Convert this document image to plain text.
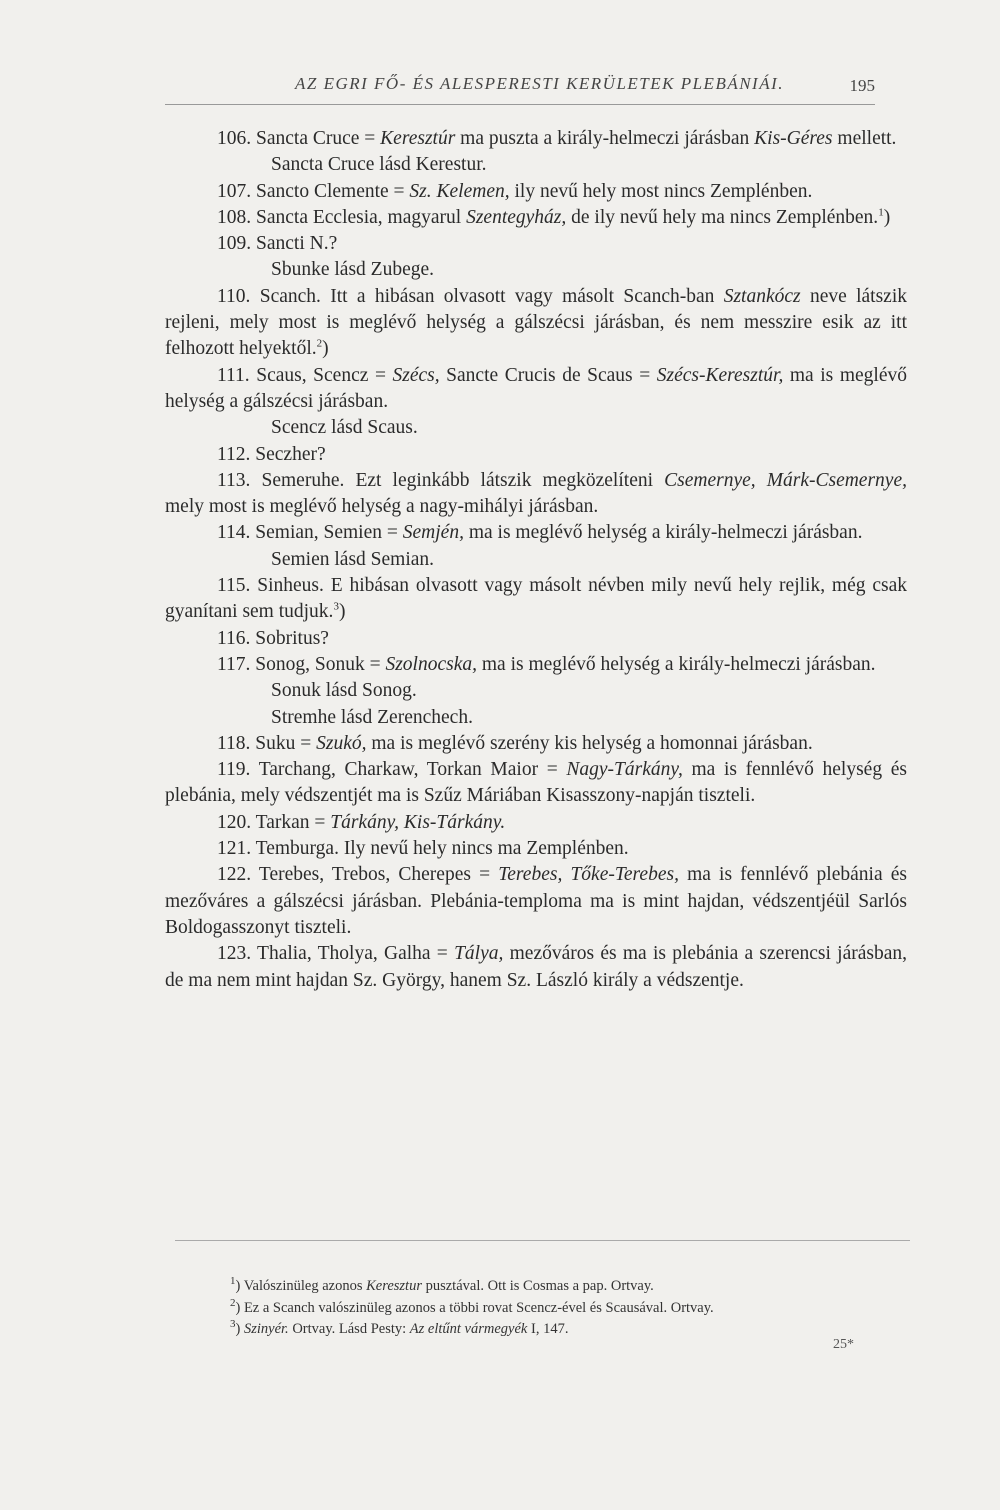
AZ EGRI FŐ- ÉS ALESPERESTI KERÜLETEK PLEBÁNIÁI.	195

106. Sancta Cruce = Keresztúr ma puszta a király-helmeczi járásban Kis-Géres mellett.

Sancta Cruce lásd Kerestur.

107. Sancto Clemente = Sz. Kelemen, ily nevű hely most nincs Zemplénben.

108. Sancta Ecclesia, magyarul Szentegyház, de ily nevű hely ma nincs Zemplénben.$^1$)

109. Sancti N.?

Sbunke lásd Zubege.

110. Scanch. Itt a hibásan olvasott vagy másolt Scanch-ban Sztankócz neve látszik rejleni, mely most is meglévő helység a gálszécsi járásban, és nem messzire esik az itt felhozott helyektől.$^2$)

111. Scaus, Scencz = Szécs, Sancte Crucis de Scaus = Szécs-Keresztúr, ma is meglévő helység a gálszécsi járásban.

Scencz lásd Scaus.

112. Seczher?

113. Semeruhe. Ezt leginkább látszik megközelíteni Csemernye, Márk-Csemernye, mely most is meglévő helység a nagy-mihályi járásban.

114. Semian, Semien = Semjén, ma is meglévő helység a király-helmeczi járásban.

Semien lásd Semian.

115. Sinheus. E hibásan olvasott vagy másolt névben mily nevű hely rejlik, még csak gyanítani sem tudjuk.$^3$)

116. Sobritus?

117. Sonog, Sonuk = Szolnocska, ma is meglévő helység a király-helmeczi járásban.

Sonuk lásd Sonog.

Stremhe lásd Zerenchech.

118. Suku = Szukó, ma is meglévő szerény kis helység a homonnai járásban.

119. Tarchang, Charkaw, Torkan Maior = Nagy-Tárkány, ma is fennlévő helység és plebánia, mely védszentjét ma is Szűz Máriában Kisasszony-napján tiszteli.

120. Tarkan = Tárkány, Kis-Tárkány.

121. Temburga. Ily nevű hely nincs ma Zemplénben.

122. Terebes, Trebos, Cherepes = Terebes, Tőke-Terebes, ma is fennlévő plebánia és mezőváres a gálszécsi járásban. Plebánia-temploma ma is mint hajdan, védszentjéül Sarlós Boldogasszonyt tiszteli.

123. Thalia, Tholya, Galha = Tálya, mezőváros és ma is plebánia a szerencsi járásban, de ma nem mint hajdan Sz. György, hanem Sz. László király a védszentje.

$^1$) Valószinüleg azonos Keresztur pusztával. Ott is Cosmas a pap. Ortvay.

$^2$) Ez a Scanch valószinüleg azonos a többi rovat Scencz-ével és Scausával. Ortvay.

$^3$) Szinyér. Ortvay. Lásd Pesty: Az eltűnt vármegyék I, 147.

25*
